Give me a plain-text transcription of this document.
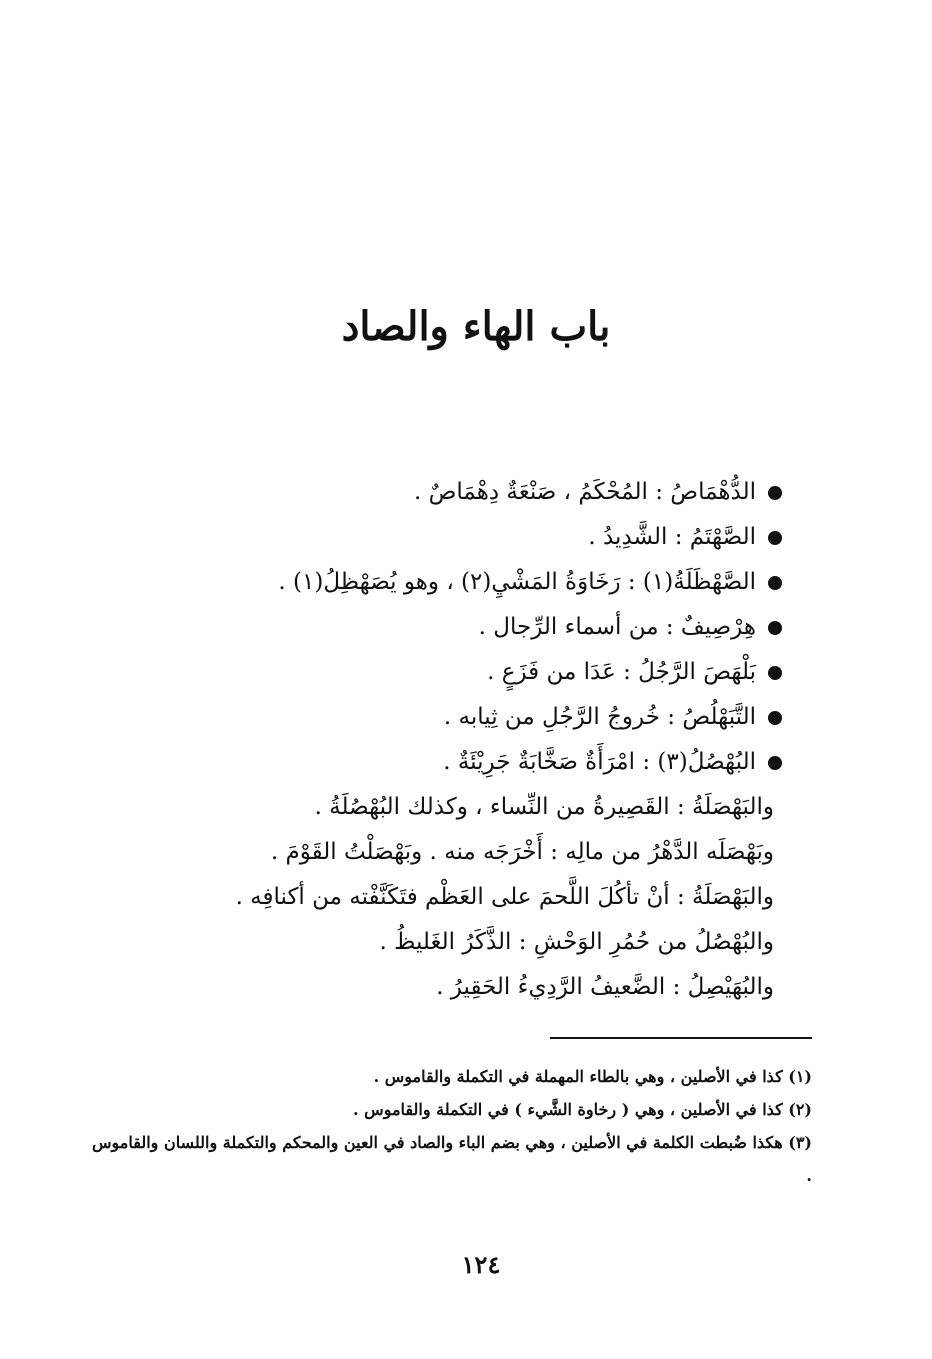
باب الهاء والصاد
الدُّهْمَاصُ : المُحْكَمُ ، صَنْعَةٌ دِهْمَاصٌ .
الصَّهْتَمُ : الشَّدِيدُ .
الصَّهْظَلَةُ(١) : رَخَاوَةُ المَشْيِ(٢) ، وهو يُصَهْظِلُ(١) .
هِرْصِيفٌ : من أسماء الرِّجال .
بَلْهَصَ الرَّجُلُ : عَدَا من فَزَعٍ .
التَّبَهْلُصُ : خُروجُ الرَّجُلِ من ثِيابه .
البُهْصُلُ(٣) : امْرَأَةٌ صَخَّابَةٌ جَرِيْئَةٌ .
والبَهْصَلَةُ : القَصِيرةُ من النِّساء ، وكذلك البُهْصُلَةُ .
وبَهْصَلَه الدَّهْرُ من مالِه : أَخْرَجَه منه . وبَهْصَلْتُ القَوْمَ .
والبَهْصَلَةُ : أنْ تأكُلَ اللَّحمَ على العَظْم فتَكَنَّفْته من أكنافِه .
والبُهْصُلُ من حُمُرِ الوَحْشِ : الذَّكَرُ الغَليظُ .
والبُهَيْصِلُ : الضَّعيفُ الرَّدِيءُ الحَقِيرُ .
(١) كذا في الأصلين ، وهي بالطاء المهملة في التكملة والقاموس .
(٢) كذا في الأصلين ، وهي ( رخاوة الشَّيء ) في التكملة والقاموس .
(٣) هكذا ضُبطت الكلمة في الأصلين ، وهي بضم الباء والصاد في العين والمحكم والتكملة واللسان والقاموس .
١٢٤
